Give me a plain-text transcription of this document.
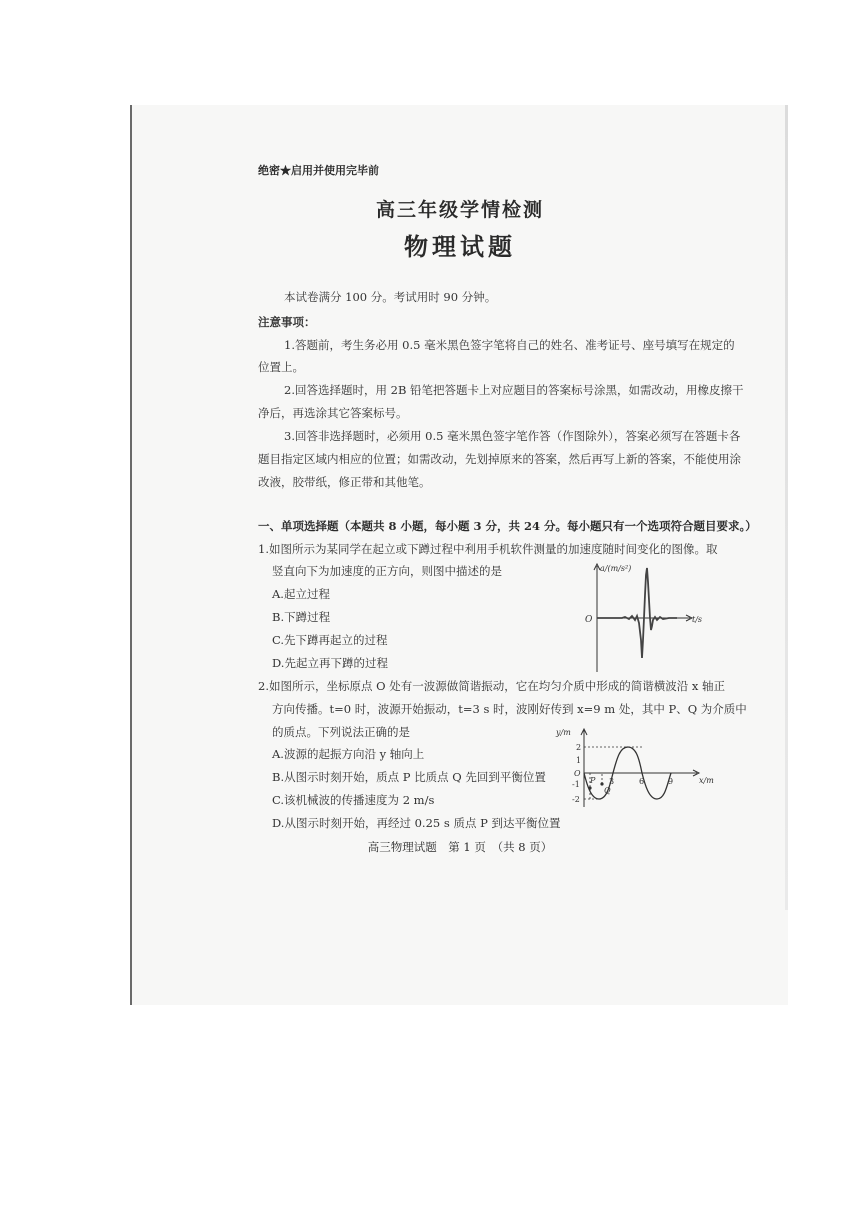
绝密★启用并使用完毕前
高三年级学情检测
物理试题
本试卷满分 100 分。考试用时 90 分钟。
注意事项：
1.答题前，考生务必用 0.5 毫米黑色签字笔将自己的姓名、准考证号、座号填写在规定的
位置上。
2.回答选择题时，用 2B 铅笔把答题卡上对应题目的答案标号涂黑，如需改动，用橡皮擦干
净后，再选涂其它答案标号。
3.回答非选择题时，必须用 0.5 毫米黑色签字笔作答（作图除外），答案必须写在答题卡各
题目指定区域内相应的位置；如需改动，先划掉原来的答案，然后再写上新的答案，不能使用涂
改液，胶带纸，修正带和其他笔。
一、单项选择题（本题共 8 小题，每小题 3 分，共 24 分。每小题只有一个选项符合题目要求。）
1.如图所示为某同学在起立或下蹲过程中利用手机软件测量的加速度随时间变化的图像。取
竖直向下为加速度的正方向，则图中描述的是
A.起立过程
B.下蹲过程
C.先下蹲再起立的过程
D.先起立再下蹲的过程
a/(m/s²)
t/s
O
2.如图所示，坐标原点 O 处有一波源做简谐振动，它在均匀介质中形成的简谐横波沿 x 轴正
方向传播。t=0 时，波源开始振动，t=3 s 时，波刚好传到 x=9 m 处，其中 P、Q 为介质中
的质点。下列说法正确的是
A.波源的起振方向沿 y 轴向上
B.从图示时刻开始，质点 P 比质点 Q 先回到平衡位置
C.该机械波的传播速度为 2 m/s
D.从图示时刻开始，再经过 0.25 s 质点 P 到达平衡位置
y/m
x/m
O
2
1
-1
-2
3	6	9
P
Q
高三物理试题　第 1 页　（共 8 页）
